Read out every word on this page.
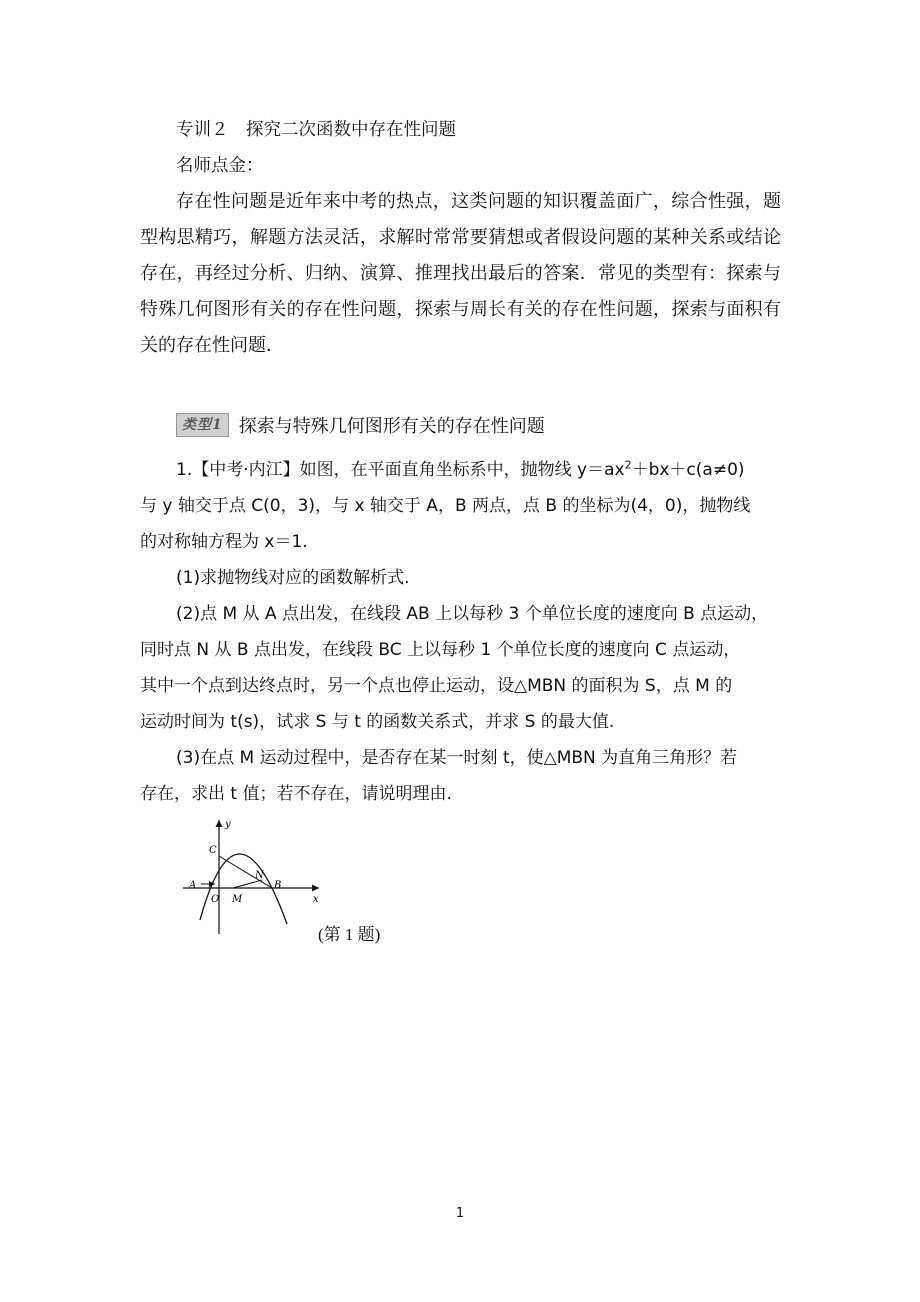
专训２　探究二次函数中存在性问题
名师点金：
存在性问题是近年来中考的热点，这类问题的知识覆盖面广，综合性强，题
型构思精巧，解题方法灵活，求解时常常要猜想或者假设问题的某种关系或结论
存在，再经过分析、归纳、演算、推理找出最后的答案．常见的类型有：探索与
特殊几何图形有关的存在性问题，探索与周长有关的存在性问题，探索与面积有
关的存在性问题．
类型1 探索与特殊几何图形有关的存在性问题
1.【中考·内江】如图，在平面直角坐标系中，抛物线 $y=ax^2+bx+c(a\ne 0)$
与 y 轴交于点 C(0，3)，与 x 轴交于 A，B 两点，点 B 的坐标为(4，0)，抛物线
的对称轴方程为 x＝1.
(1)求抛物线对应的函数解析式.
(2)点 M 从 A 点出发，在线段 AB 上以每秒 3 个单位长度的速度向 B 点运动，
同时点 N 从 B 点出发，在线段 BC 上以每秒 1 个单位长度的速度向 C 点运动，
其中一个点到达终点时，另一个点也停止运动，设△MBN 的面积为 S，点 M 的
运动时间为 t(s)，试求 S 与 t 的函数关系式，并求 S 的最大值.
(3)在点 M 运动过程中，是否存在某一时刻 t，使△MBN 为直角三角形？若
存在，求出 t 值；若不存在，请说明理由.
y
x
C
N
A	B
O M
(第 1 题)
1
